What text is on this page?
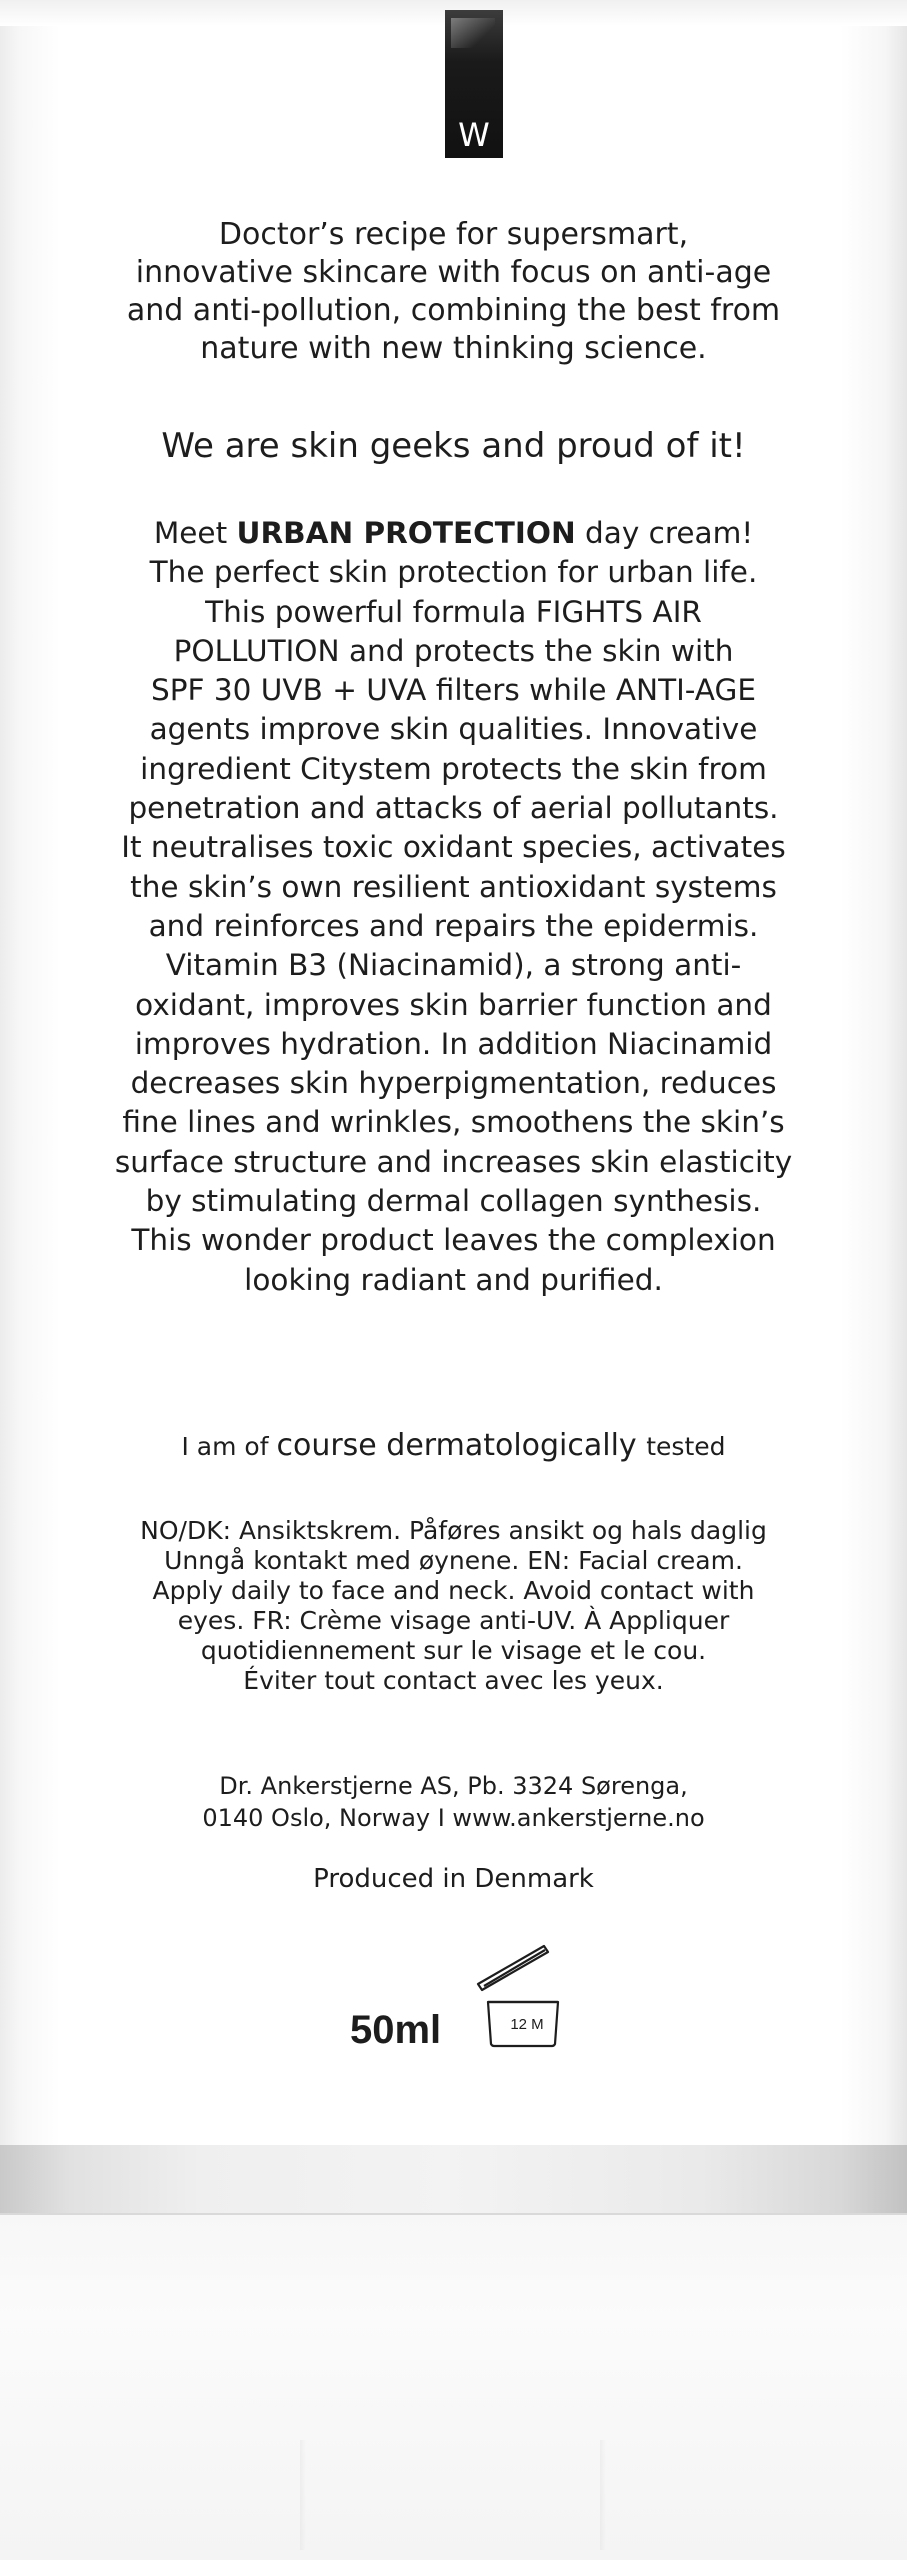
W
Doctor’s recipe for supersmart,
innovative skincare with focus on anti-age
and anti-pollution, combining the best from
nature with new thinking science.
We are skin geeks and proud of it!
Meet URBAN PROTECTION day cream!
The perfect skin protection for urban life.
This powerful formula FIGHTS AIR
POLLUTION and protects the skin with
SPF 30 UVB + UVA filters while ANTI-AGE
agents improve skin qualities. Innovative
ingredient Citystem protects the skin from
penetration and attacks of aerial pollutants.
It neutralises toxic oxidant species, activates
the skin’s own resilient antioxidant systems
and reinforces and repairs the epidermis.
Vitamin B3 (Niacinamid), a strong anti-
oxidant, improves skin barrier function and
improves hydration. In addition Niacinamid
decreases skin hyperpigmentation, reduces
fine lines and wrinkles, smoothens the skin’s
surface structure and increases skin elasticity
by stimulating dermal collagen synthesis.
This wonder product leaves the complexion
looking radiant and purified.
I am of course dermatologically tested
NO/DK: Ansiktskrem. Påføres ansikt og hals daglig
Unngå kontakt med øynene. EN: Facial cream.
Apply daily to face and neck. Avoid contact with
eyes. FR: Crème visage anti-UV. À Appliquer
quotidiennement sur le visage et le cou.
Éviter tout contact avec les yeux.
Dr. Ankerstjerne AS, Pb. 3324 Sørenga,
0140 Oslo, Norway I www.ankerstjerne.no
Produced in Denmark
50ml	12 M
